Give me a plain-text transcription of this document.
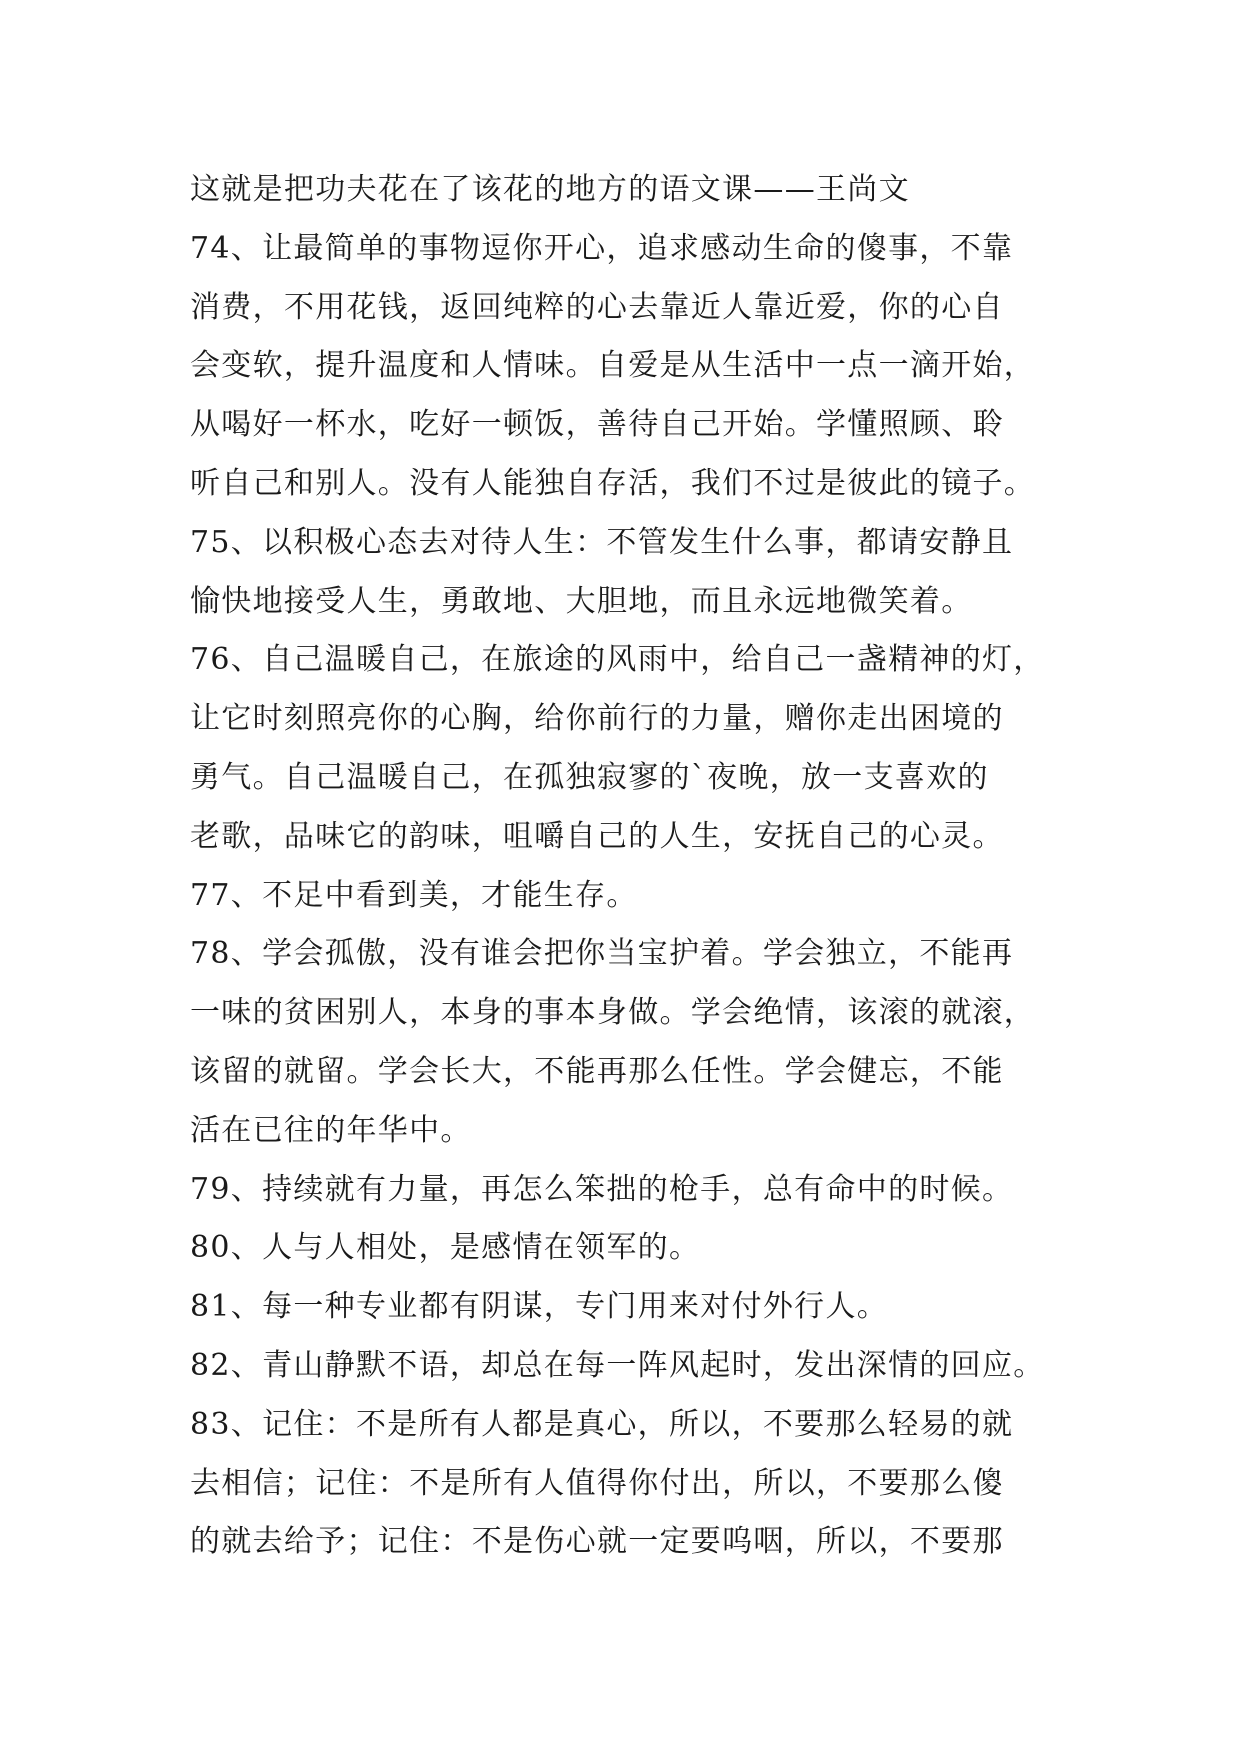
这就是把功夫花在了该花的地方的语文课——王尚文
74、让最简单的事物逗你开心，追求感动生命的傻事，不靠
消费，不用花钱，返回纯粹的心去靠近人靠近爱，你的心自
会变软，提升温度和人情味。自爱是从生活中一点一滴开始，
从喝好一杯水，吃好一顿饭，善待自己开始。学懂照顾、聆
听自己和别人。没有人能独自存活，我们不过是彼此的镜子。
75、以积极心态去对待人生：不管发生什么事，都请安静且
愉快地接受人生，勇敢地、大胆地，而且永远地微笑着。
76、自己温暖自己，在旅途的风雨中，给自己一盏精神的灯，
让它时刻照亮你的心胸，给你前行的力量，赠你走出困境的
勇气。自己温暖自己，在孤独寂寥的`夜晚，放一支喜欢的
老歌，品味它的韵味，咀嚼自己的人生，安抚自己的心灵。
77、不足中看到美，才能生存。
78、学会孤傲，没有谁会把你当宝护着。学会独立，不能再
一味的贫困别人，本身的事本身做。学会绝情，该滚的就滚，
该留的就留。学会长大，不能再那么任性。学会健忘，不能
活在已往的年华中。
79、持续就有力量，再怎么笨拙的枪手，总有命中的时候。
80、人与人相处，是感情在领军的。
81、每一种专业都有阴谋，专门用来对付外行人。
82、青山静默不语，却总在每一阵风起时，发出深情的回应。
83、记住：不是所有人都是真心，所以，不要那么轻易的就
去相信；记住：不是所有人值得你付出，所以，不要那么傻
的就去给予；记住：不是伤心就一定要呜咽，所以，不要那
